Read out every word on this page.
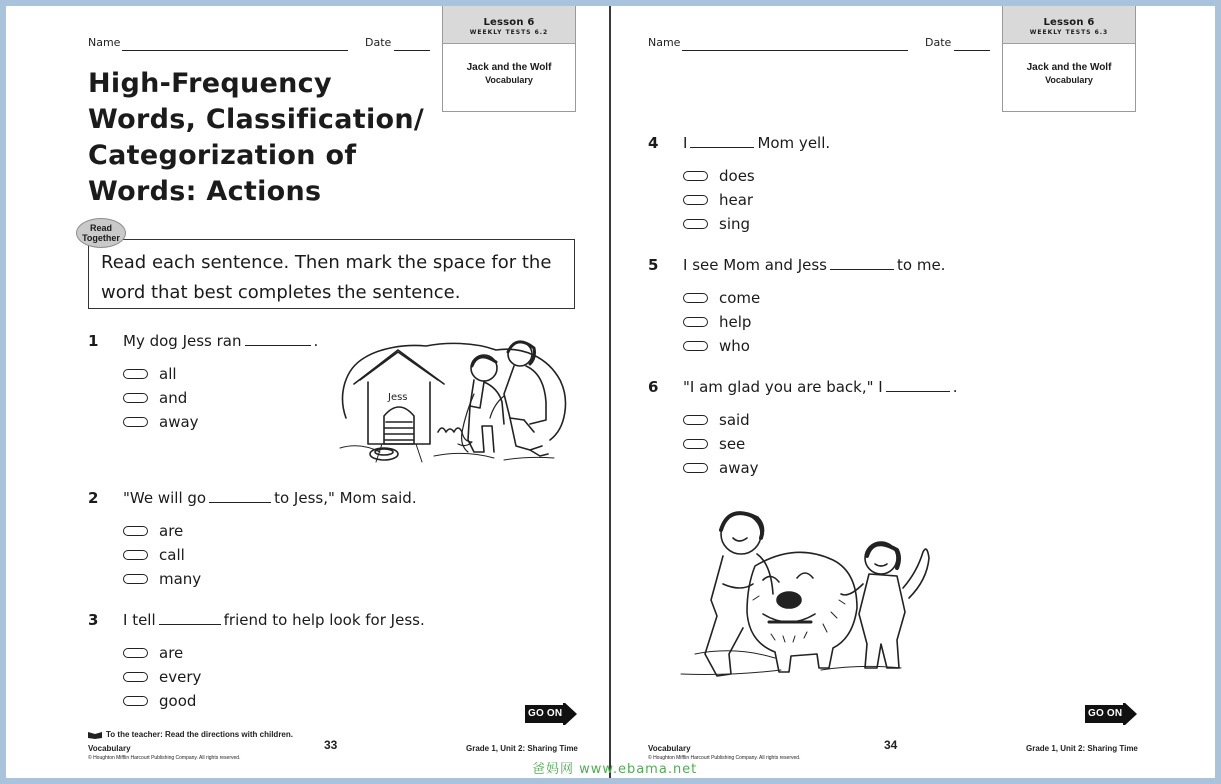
Name	Date
Lesson 6
WEEKLY TESTS 6.2
Jack and the Wolf
Vocabulary
High-Frequency
Words, Classification/
Categorization of
Words: Actions
Read
Together
Read each sentence. Then mark the space for the word that best completes the sentence.
1 My dog Jess ran	.
all
and
away
2 "We will go	to Jess," Mom said.
are
call
many
3 I tell	friend to help look for Jess.
are
every
good
Jess
GO ON
To the teacher: Read the directions with children.
Vocabulary
© Houghton Mifflin Harcourt Publishing Company. All rights reserved.
33	Grade 1, Unit 2: Sharing Time
Name	Date
Lesson 6
WEEKLY TESTS 6.3
Jack and the Wolf
Vocabulary
4 I	Mom yell.
does
hear
sing
5 I see Mom and Jess	to me.
come
help
who
6 "I am glad you are back," I	.
said
see
away
GO ON
Vocabulary
© Houghton Mifflin Harcourt Publishing Company. All rights reserved.
34	Grade 1, Unit 2: Sharing Time
爸妈网 www.ebama.net
